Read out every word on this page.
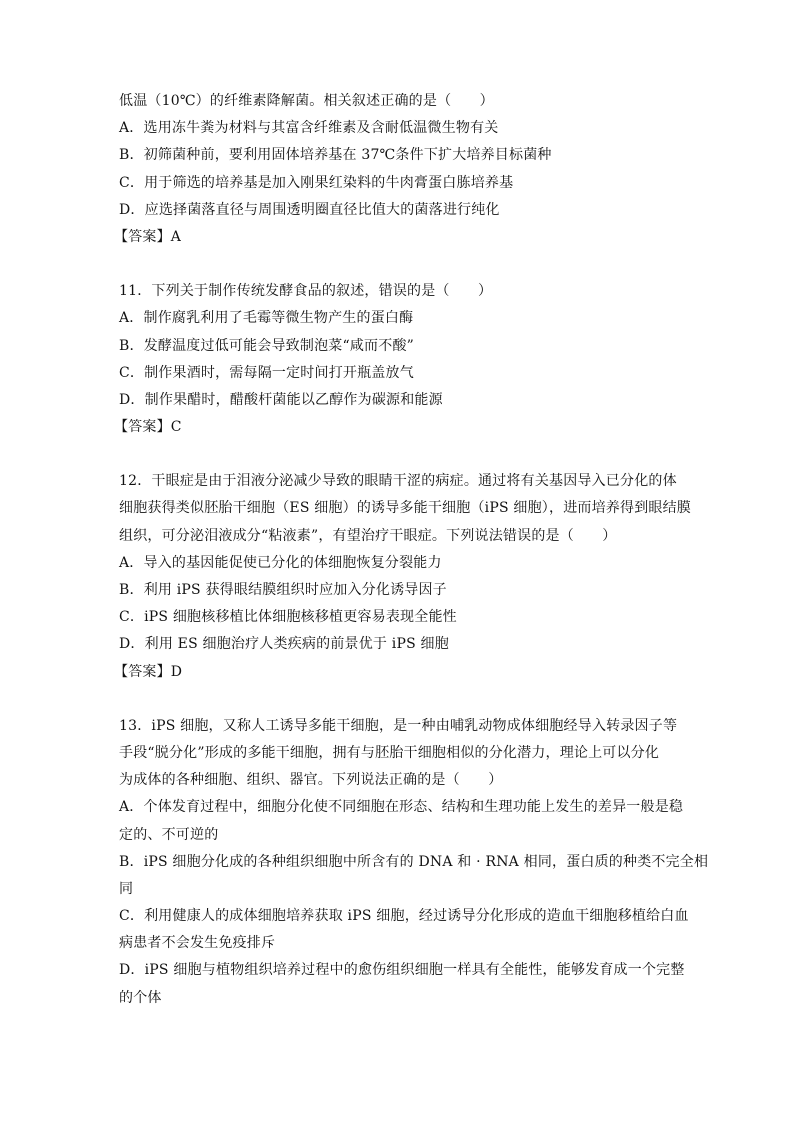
低温（10℃）的纤维素降解菌。相关叙述正确的是（　　）
A．选用冻牛粪为材料与其富含纤维素及含耐低温微生物有关
B．初筛菌种前，要利用固体培养基在 37℃条件下扩大培养目标菌种
C．用于筛选的培养基是加入刚果红染料的牛肉膏蛋白胨培养基
D．应选择菌落直径与周围透明圈直径比值大的菌落进行纯化
【答案】A
11．下列关于制作传统发酵食品的叙述，错误的是（　　）
A．制作腐乳利用了毛霉等微生物产生的蛋白酶
B．发酵温度过低可能会导致制泡菜“咸而不酸”
C．制作果酒时，需每隔一定时间打开瓶盖放气
D．制作果醋时，醋酸杆菌能以乙醇作为碳源和能源
【答案】C
12．干眼症是由于泪液分泌减少导致的眼睛干涩的病症。通过将有关基因导入已分化的体
细胞获得类似胚胎干细胞（ES 细胞）的诱导多能干细胞（iPS 细胞），进而培养得到眼结膜
组织，可分泌泪液成分“粘液素”，有望治疗干眼症。下列说法错误的是（　　）
A．导入的基因能促使已分化的体细胞恢复分裂能力
B．利用 iPS 获得眼结膜组织时应加入分化诱导因子
C．iPS 细胞核移植比体细胞核移植更容易表现全能性
D．利用 ES 细胞治疗人类疾病的前景优于 iPS 细胞
【答案】D
13．iPS 细胞，又称人工诱导多能干细胞，是一种由哺乳动物成体细胞经导入转录因子等
手段“脱分化”形成的多能干细胞，拥有与胚胎干细胞相似的分化潜力，理论上可以分化
为成体的各种细胞、组织、器官。下列说法正确的是（　　）
A．个体发育过程中，细胞分化使不同细胞在形态、结构和生理功能上发生的差异一般是稳
定的、不可逆的
B．iPS 细胞分化成的各种组织细胞中所含有的 DNA 和 · RNA 相同，蛋白质的种类不完全相
同
C．利用健康人的成体细胞培养获取 iPS 细胞，经过诱导分化形成的造血干细胞移植给白血
病患者不会发生免疫排斥
D．iPS 细胞与植物组织培养过程中的愈伤组织细胞一样具有全能性，能够发育成一个完整
的个体
